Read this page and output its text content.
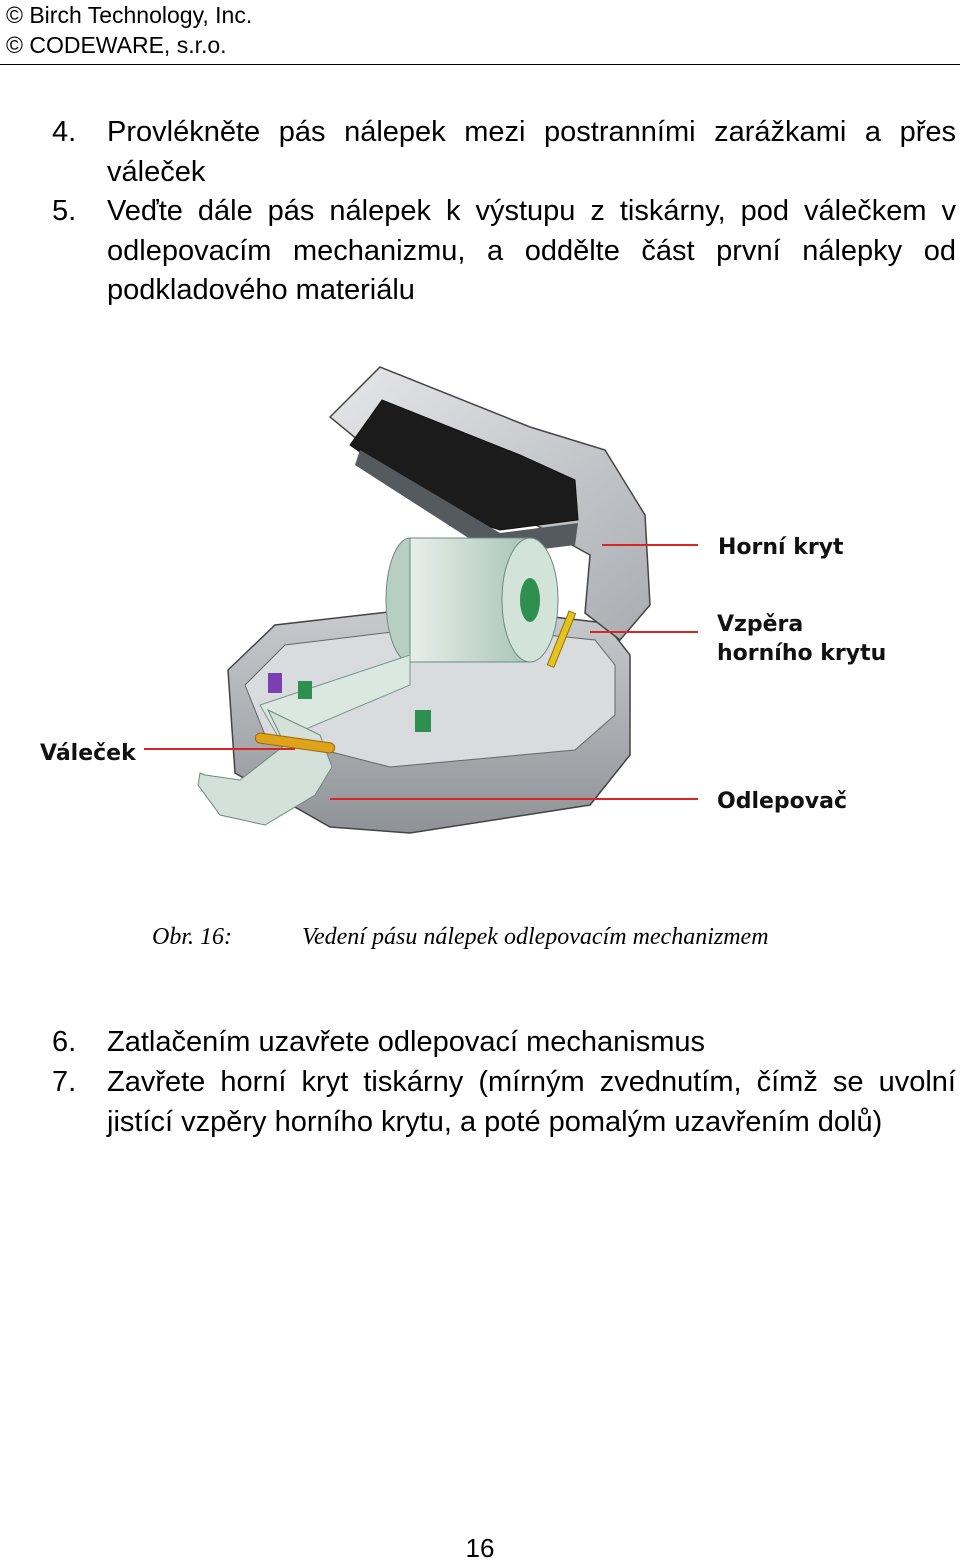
© Birch Technology, Inc.
© CODEWARE, s.r.o.
4. Provlékněte pás nálepek mezi postranními zarážkami a přes váleček
5. Veďte dále pás nálepek k výstupu z tiskárny, pod válečkem v odlepovacím mechanizmu, a oddělte část první nálepky od podkladového materiálu
Horní kryt
Vzpěra
horního krytu
Váleček
Odlepovač
Obr. 16:	Vedení pásu nálepek odlepovacím mechanizmem
6. Zatlačením uzavřete odlepovací mechanismus
7. Zavřete horní kryt tiskárny (mírným zvednutím, čímž se uvolní jistící vzpěry horního krytu, a poté pomalým uzavřením dolů)
16
